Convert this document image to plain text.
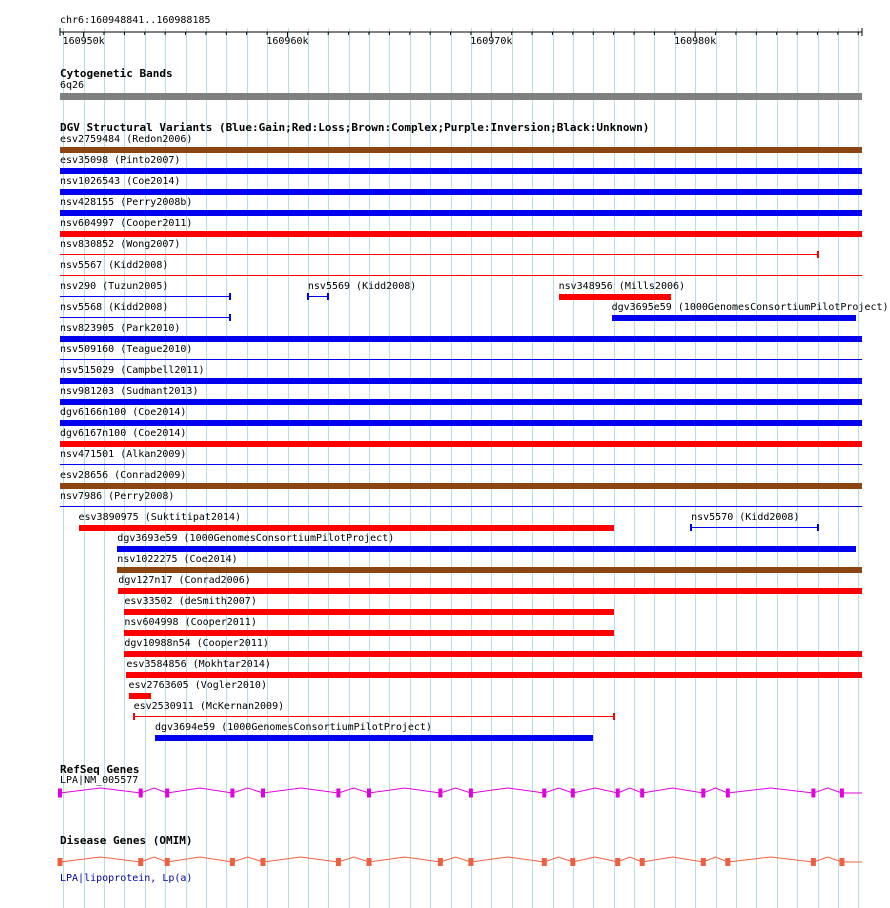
chr6:160948841..160988185
160950k	160960k	160970k	160980k
Cytogenetic Bands
6q26
DGV Structural Variants (Blue:Gain;Red:Loss;Brown:Complex;Purple:Inversion;Black:Unknown)
esv2759484 (Redon2006)
esv35098 (Pinto2007)
nsv1026543 (Coe2014)
nsv428155 (Perry2008b)
nsv604997 (Cooper2011)
nsv830852 (Wong2007)
nsv5567 (Kidd2008)
nsv290 (Tuzun2005)	nsv5569 (Kidd2008)	nsv348956 (Mills2006)
nsv5568 (Kidd2008)	dgv3695e59 (1000GenomesConsortiumPilotProject)
nsv823905 (Park2010)
nsv509160 (Teague2010)
nsv515029 (Campbell2011)
nsv981203 (Sudmant2013)
dgv6166n100 (Coe2014)
dgv6167n100 (Coe2014)
nsv471501 (Alkan2009)
esv28656 (Conrad2009)
nsv7986 (Perry2008)
esv3890975 (Suktitipat2014)	nsv5570 (Kidd2008)
dgv3693e59 (1000GenomesConsortiumPilotProject)
nsv1022275 (Coe2014)
dgv127n17 (Conrad2006)
esv33502 (deSmith2007)
nsv604998 (Cooper2011)
dgv10988n54 (Cooper2011)
esv3584856 (Mokhtar2014)
esv2763605 (Vogler2010)
esv2530911 (McKernan2009)
dgv3694e59 (1000GenomesConsortiumPilotProject)
RefSeq Genes
LPA|NM_005577
Disease Genes (OMIM)
LPA|lipoprotein, Lp(a)
